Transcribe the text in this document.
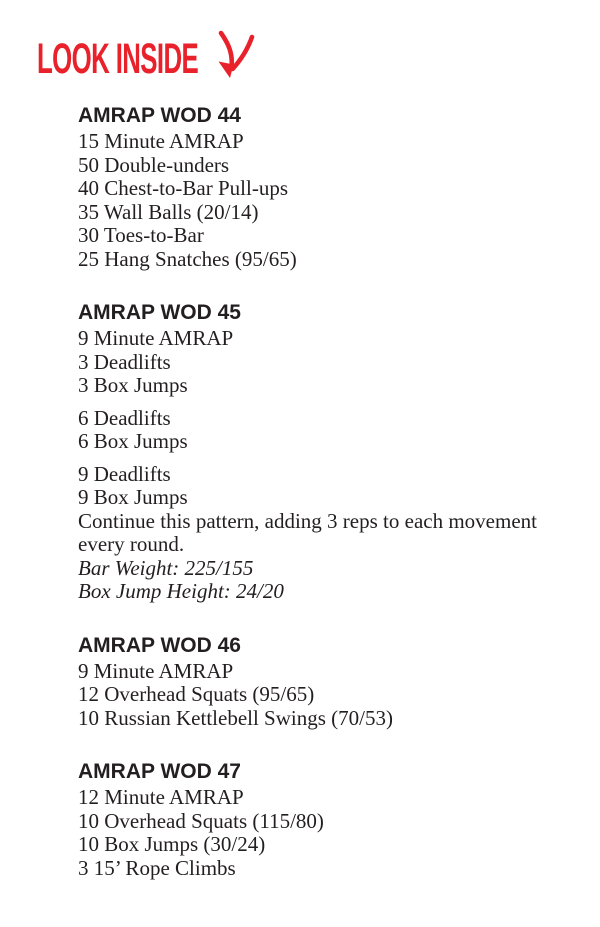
LOOK INSIDE
AMRAP WOD 44

15 Minute AMRAP

50 Double-unders

40 Chest-to-Bar Pull-ups

35 Wall Balls (20/14)

30 Toes-to-Bar

25 Hang Snatches (95/65)

AMRAP WOD 45

9 Minute AMRAP

3 Deadlifts

3 Box Jumps

6 Deadlifts

6 Box Jumps

9 Deadlifts

9 Box Jumps

Continue this pattern, adding 3 reps to each movement every round.

Bar Weight: 225/155

Box Jump Height: 24/20

AMRAP WOD 46

9 Minute AMRAP

12 Overhead Squats (95/65)

10 Russian Kettlebell Swings (70/53)

AMRAP WOD 47

12 Minute AMRAP

10 Overhead Squats (115/80)

10 Box Jumps (30/24)

3 15’ Rope Climbs
